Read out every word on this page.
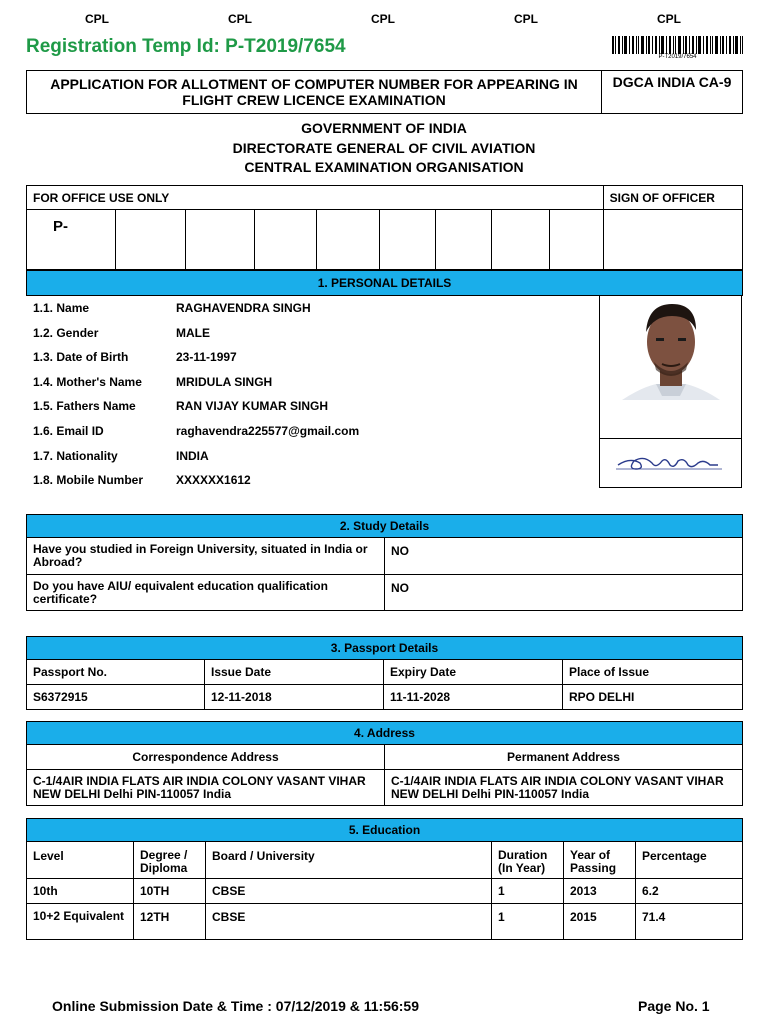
CPL	CPL	CPL	CPL	CPL
Registration Temp Id: P-T2019/7654	P-T2019/7654
APPLICATION FOR ALLOTMENT OF COMPUTER NUMBER FOR APPEARING IN FLIGHT CREW LICENCE EXAMINATION	DGCA INDIA CA-9
GOVERNMENT OF INDIA
DIRECTORATE GENERAL OF CIVIL AVIATION
CENTRAL EXAMINATION ORGANISATION
FOR OFFICE USE ONLY									SIGN OF OFFICER
P-									
1. PERSONAL DETAILS
1.1. Name	RAGHAVENDRA SINGH
1.2. Gender	MALE
1.3. Date of Birth	23-11-1997
1.4. Mother's Name	MRIDULA SINGH
1.5. Fathers Name	RAN VIJAY KUMAR SINGH
1.6. Email ID	raghavendra225577@gmail.com
1.7. Nationality	INDIA
1.8. Mobile Number	XXXXXX1612
2. Study Details
Have you studied in Foreign University, situated in India or Abroad?	NO
Do you have AIU/ equivalent education qualification certificate?	NO
3. Passport Details
Passport No.	Issue Date	Expiry Date	Place of Issue
S6372915	12-11-2018	11-11-2028	RPO DELHI
4. Address
Correspondence Address	Permanent Address
C-1/4AIR INDIA FLATS AIR INDIA COLONY VASANT VIHAR NEW DELHI Delhi PIN-110057 India	C-1/4AIR INDIA FLATS AIR INDIA COLONY VASANT VIHAR NEW DELHI Delhi PIN-110057 India
5. Education
Level	Degree / Diploma	Board / University	Duration (In Year)	Year of Passing	Percentage
10th	10TH	CBSE	1	2013	6.2
10+2 Equivalent	12TH	CBSE	1	2015	71.4
Online Submission Date & Time : 07/12/2019 & 11:56:59	Page No. 1
